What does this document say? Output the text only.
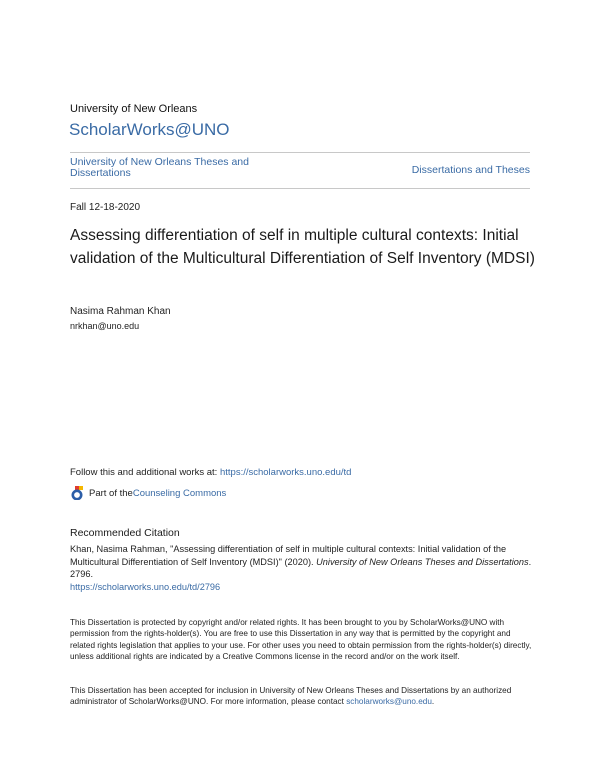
University of New Orleans
ScholarWorks@UNO
University of New Orleans Theses and Dissertations	Dissertations and Theses
Fall 12-18-2020
Assessing differentiation of self in multiple cultural contexts: Initial validation of the Multicultural Differentiation of Self Inventory (MDSI)
Nasima Rahman Khan
nrkhan@uno.edu
Follow this and additional works at: https://scholarworks.uno.edu/td
Part of the Counseling Commons
Recommended Citation
Khan, Nasima Rahman, "Assessing differentiation of self in multiple cultural contexts: Initial validation of the Multicultural Differentiation of Self Inventory (MDSI)" (2020). University of New Orleans Theses and Dissertations. 2796.
https://scholarworks.uno.edu/td/2796
This Dissertation is protected by copyright and/or related rights. It has been brought to you by ScholarWorks@UNO with permission from the rights-holder(s). You are free to use this Dissertation in any way that is permitted by the copyright and related rights legislation that applies to your use. For other uses you need to obtain permission from the rights-holder(s) directly, unless additional rights are indicated by a Creative Commons license in the record and/or on the work itself.
This Dissertation has been accepted for inclusion in University of New Orleans Theses and Dissertations by an authorized administrator of ScholarWorks@UNO. For more information, please contact scholarworks@uno.edu.
